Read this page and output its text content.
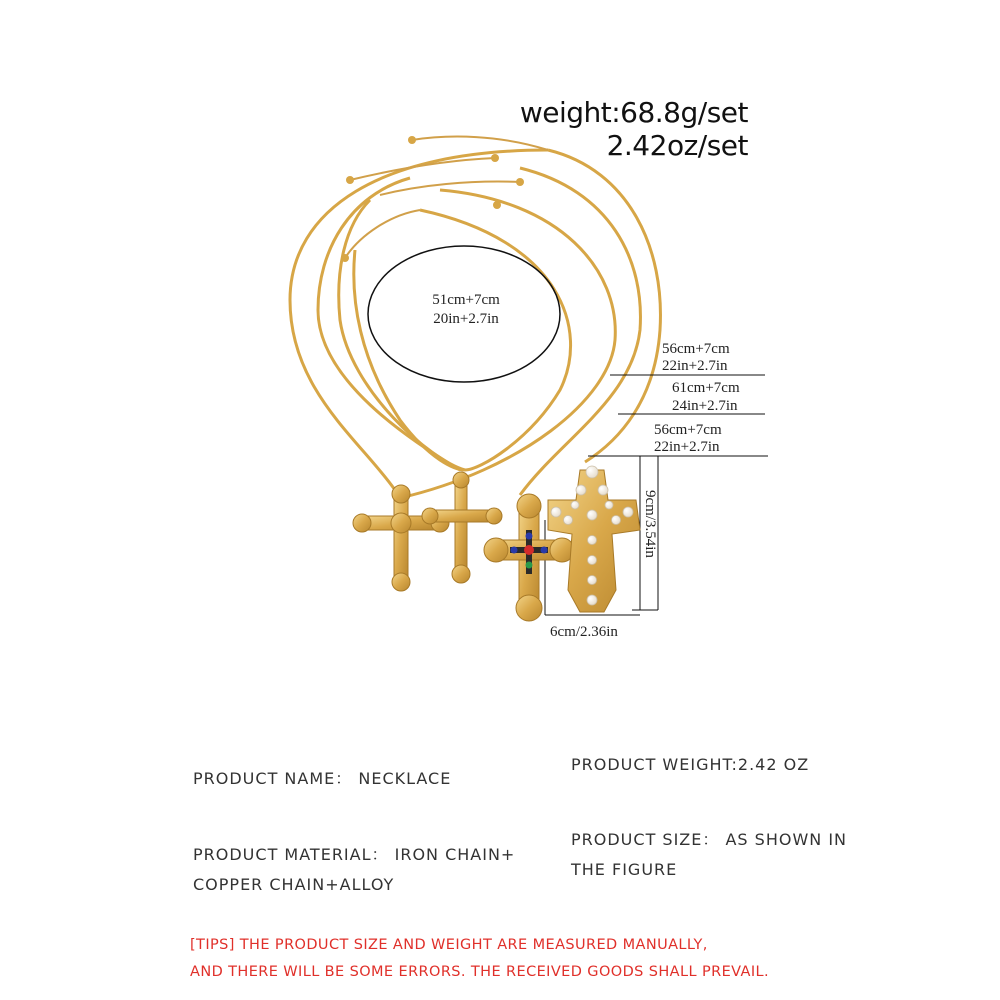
weight:68.8g/set
2.42oz/set
51cm+7cm
20in+2.7in
56cm+7cm
22in+2.7in
61cm+7cm
24in+2.7in
56cm+7cm
22in+2.7in
9cm/3.54in
6cm/2.36in
PRODUCT NAME： NECKLACE
PRODUCT WEIGHT:2.42 OZ
PRODUCT MATERIAL： IRON CHAIN+
COPPER CHAIN+ALLOY
PRODUCT SIZE： AS SHOWN IN
THE FIGURE
[TIPS] THE PRODUCT SIZE AND WEIGHT ARE MEASURED MANUALLY,
AND THERE WILL BE SOME ERRORS. THE RECEIVED GOODS SHALL PREVAIL.
